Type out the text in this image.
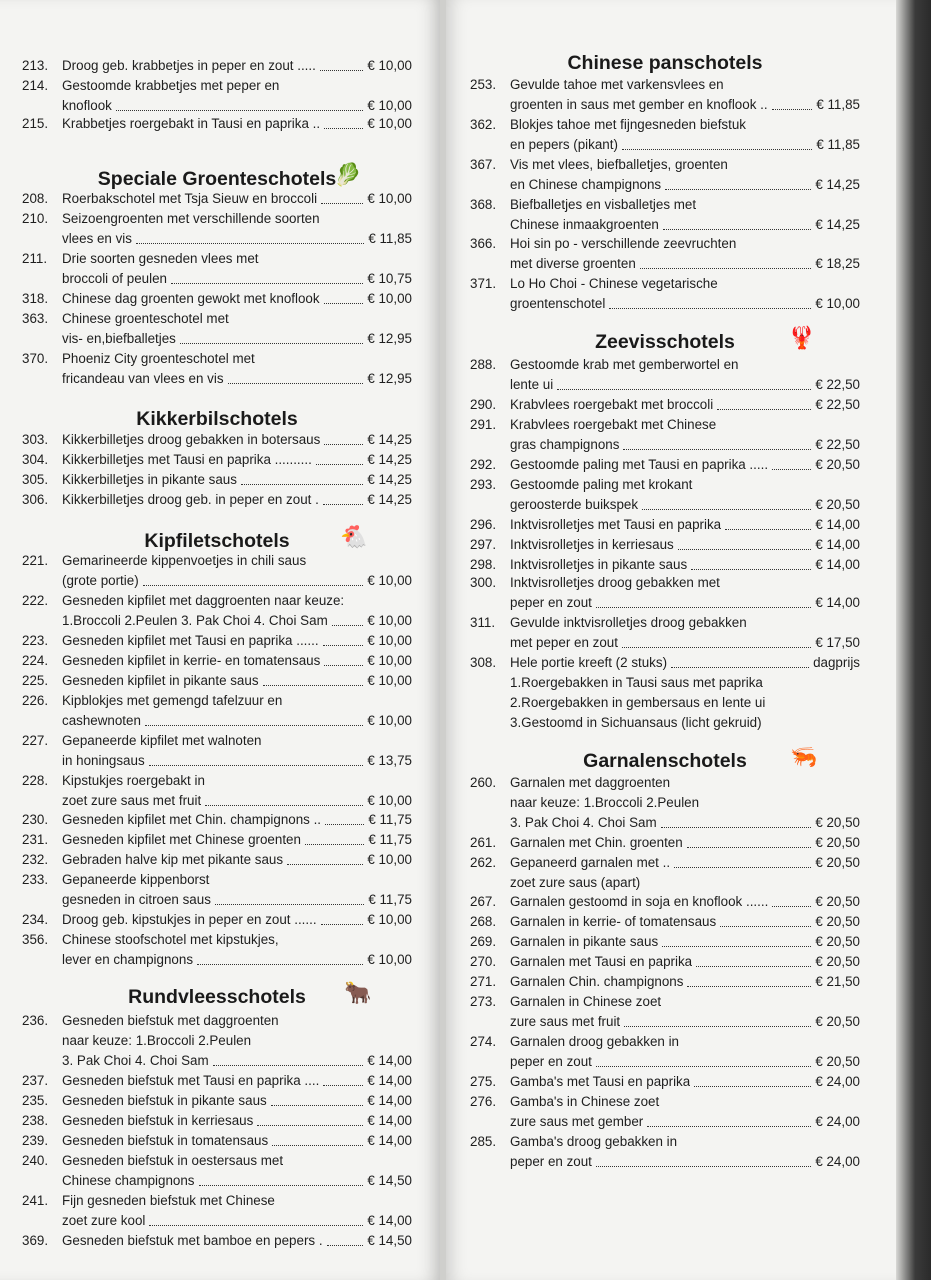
213.	Droog geb. krabbetjes in peper en zout .....	€ 10,00
214.	Gestoomde krabbetjes met peper en
knoflook	€ 10,00
215.	Krabbetjes roergebakt in Tausi en paprika ..	€ 10,00
Speciale Groenteschotels
🥬
208.	Roerbakschotel met Tsja Sieuw en broccoli	€ 10,00
210.	Seizoengroenten met verschillende soorten
vlees en vis	€ 11,85
211.	Drie soorten gesneden vlees met
broccoli of peulen	€ 10,75
318.	Chinese dag groenten gewokt met knoflook	€ 10,00
363.	Chinese groenteschotel met
vis- en,biefballetjes	€ 12,95
370.	Phoeniz City groenteschotel met
fricandeau van vlees en vis	€ 12,95
Kikkerbilschotels
303.	Kikkerbilletjes droog gebakken in botersaus	€ 14,25
304.	Kikkerbilletjes met Tausi en paprika ..........	€ 14,25
305.	Kikkerbilletjes in pikante saus	€ 14,25
306.	Kikkerbilletjes droog geb. in peper en zout .	€ 14,25
Kipfiletschotels	🐔
221.	Gemarineerde kippenvoetjes in chili saus
(grote portie)	€ 10,00
222.	Gesneden kipfilet met daggroenten naar keuze:
1.Broccoli 2.Peulen 3. Pak Choi 4. Choi Sam	€ 10,00
223.	Gesneden kipfilet met Tausi en paprika ......	€ 10,00
224.	Gesneden kipfilet in kerrie- en tomatensaus	€ 10,00
225.	Gesneden kipfilet in pikante saus	€ 10,00
226.	Kipblokjes met gemengd tafelzuur en
cashewnoten	€ 10,00
227.	Gepaneerde kipfilet met walnoten
in honingsaus	€ 13,75
228.	Kipstukjes roergebakt in
zoet zure saus met fruit	€ 10,00
230.	Gesneden kipfilet met Chin. champignons ..	€ 11,75
231.	Gesneden kipfilet met Chinese groenten	€ 11,75
232.	Gebraden halve kip met pikante saus	€ 10,00
233.	Gepaneerde kippenborst
gesneden in citroen saus	€ 11,75
234.	Droog geb. kipstukjes in peper en zout ......	€ 10,00
356.	Chinese stoofschotel met kipstukjes,
lever en champignons	€ 10,00
Rundvleesschotels	🐂
236.	Gesneden biefstuk met daggroenten
naar keuze: 1.Broccoli 2.Peulen
3. Pak Choi 4. Choi Sam	€ 14,00
237.	Gesneden biefstuk met Tausi en paprika ....	€ 14,00
235.	Gesneden biefstuk in pikante saus	€ 14,00
238.	Gesneden biefstuk in kerriesaus	€ 14,00
239.	Gesneden biefstuk in tomatensaus	€ 14,00
240.	Gesneden biefstuk in oestersaus met
Chinese champignons	€ 14,50
241.	Fijn gesneden biefstuk met Chinese
zoet zure kool	€ 14,00
369.	Gesneden biefstuk met bamboe en pepers .	€ 14,50
Chinese panschotels
253.	Gevulde tahoe met varkensvlees en
groenten in saus met gember en knoflook ..	€ 11,85
362.	Blokjes tahoe met fijngesneden biefstuk
en pepers (pikant)	€ 11,85
367.	Vis met vlees, biefballetjes, groenten
en Chinese champignons	€ 14,25
368.	Biefballetjes en visballetjes met
Chinese inmaakgroenten	€ 14,25
366.	Hoi sin po - verschillende zeevruchten
met diverse groenten	€ 18,25
371.	Lo Ho Choi - Chinese vegetarische
groentenschotel	€ 10,00
Zeevisschotels	🦞
288.	Gestoomde krab met gemberwortel en
lente ui	€ 22,50
290.	Krabvlees roergebakt met broccoli	€ 22,50
291.	Krabvlees roergebakt met Chinese
gras champignons	€ 22,50
292.	Gestoomde paling met Tausi en paprika .....	€ 20,50
293.	Gestoomde paling met krokant
geroosterde buikspek	€ 20,50
296.	Inktvisrolletjes met Tausi en paprika	€ 14,00
297.	Inktvisrolletjes in kerriesaus	€ 14,00
298.	Inktvisrolletjes in pikante saus	€ 14,00
300.	Inktvisrolletjes droog gebakken met
peper en zout	€ 14,00
311.	Gevulde inktvisrolletjes droog gebakken
met peper en zout	€ 17,50
308.	Hele portie kreeft (2 stuks)	dagprijs
1.Roergebakken in Tausi saus met paprika
2.Roergebakken in gembersaus en lente ui
3.Gestoomd in Sichuansaus (licht gekruid)
Garnalenschotels	🦐
260.	Garnalen met daggroenten
naar keuze: 1.Broccoli 2.Peulen
3. Pak Choi 4. Choi Sam	€ 20,50
261.	Garnalen met Chin. groenten	€ 20,50
262.	Gepaneerd garnalen met ..	€ 20,50
zoet zure saus (apart)
267.	Garnalen gestoomd in soja en knoflook ......	€ 20,50
268.	Garnalen in kerrie- of tomatensaus	€ 20,50
269.	Garnalen in pikante saus	€ 20,50
270.	Garnalen met Tausi en paprika	€ 20,50
271.	Garnalen Chin. champignons	€ 21,50
273.	Garnalen in Chinese zoet
zure saus met fruit	€ 20,50
274.	Garnalen droog gebakken in
peper en zout	€ 20,50
275.	Gamba's met Tausi en paprika	€ 24,00
276.	Gamba's in Chinese zoet
zure saus met gember	€ 24,00
285.	Gamba's droog gebakken in
peper en zout	€ 24,00
